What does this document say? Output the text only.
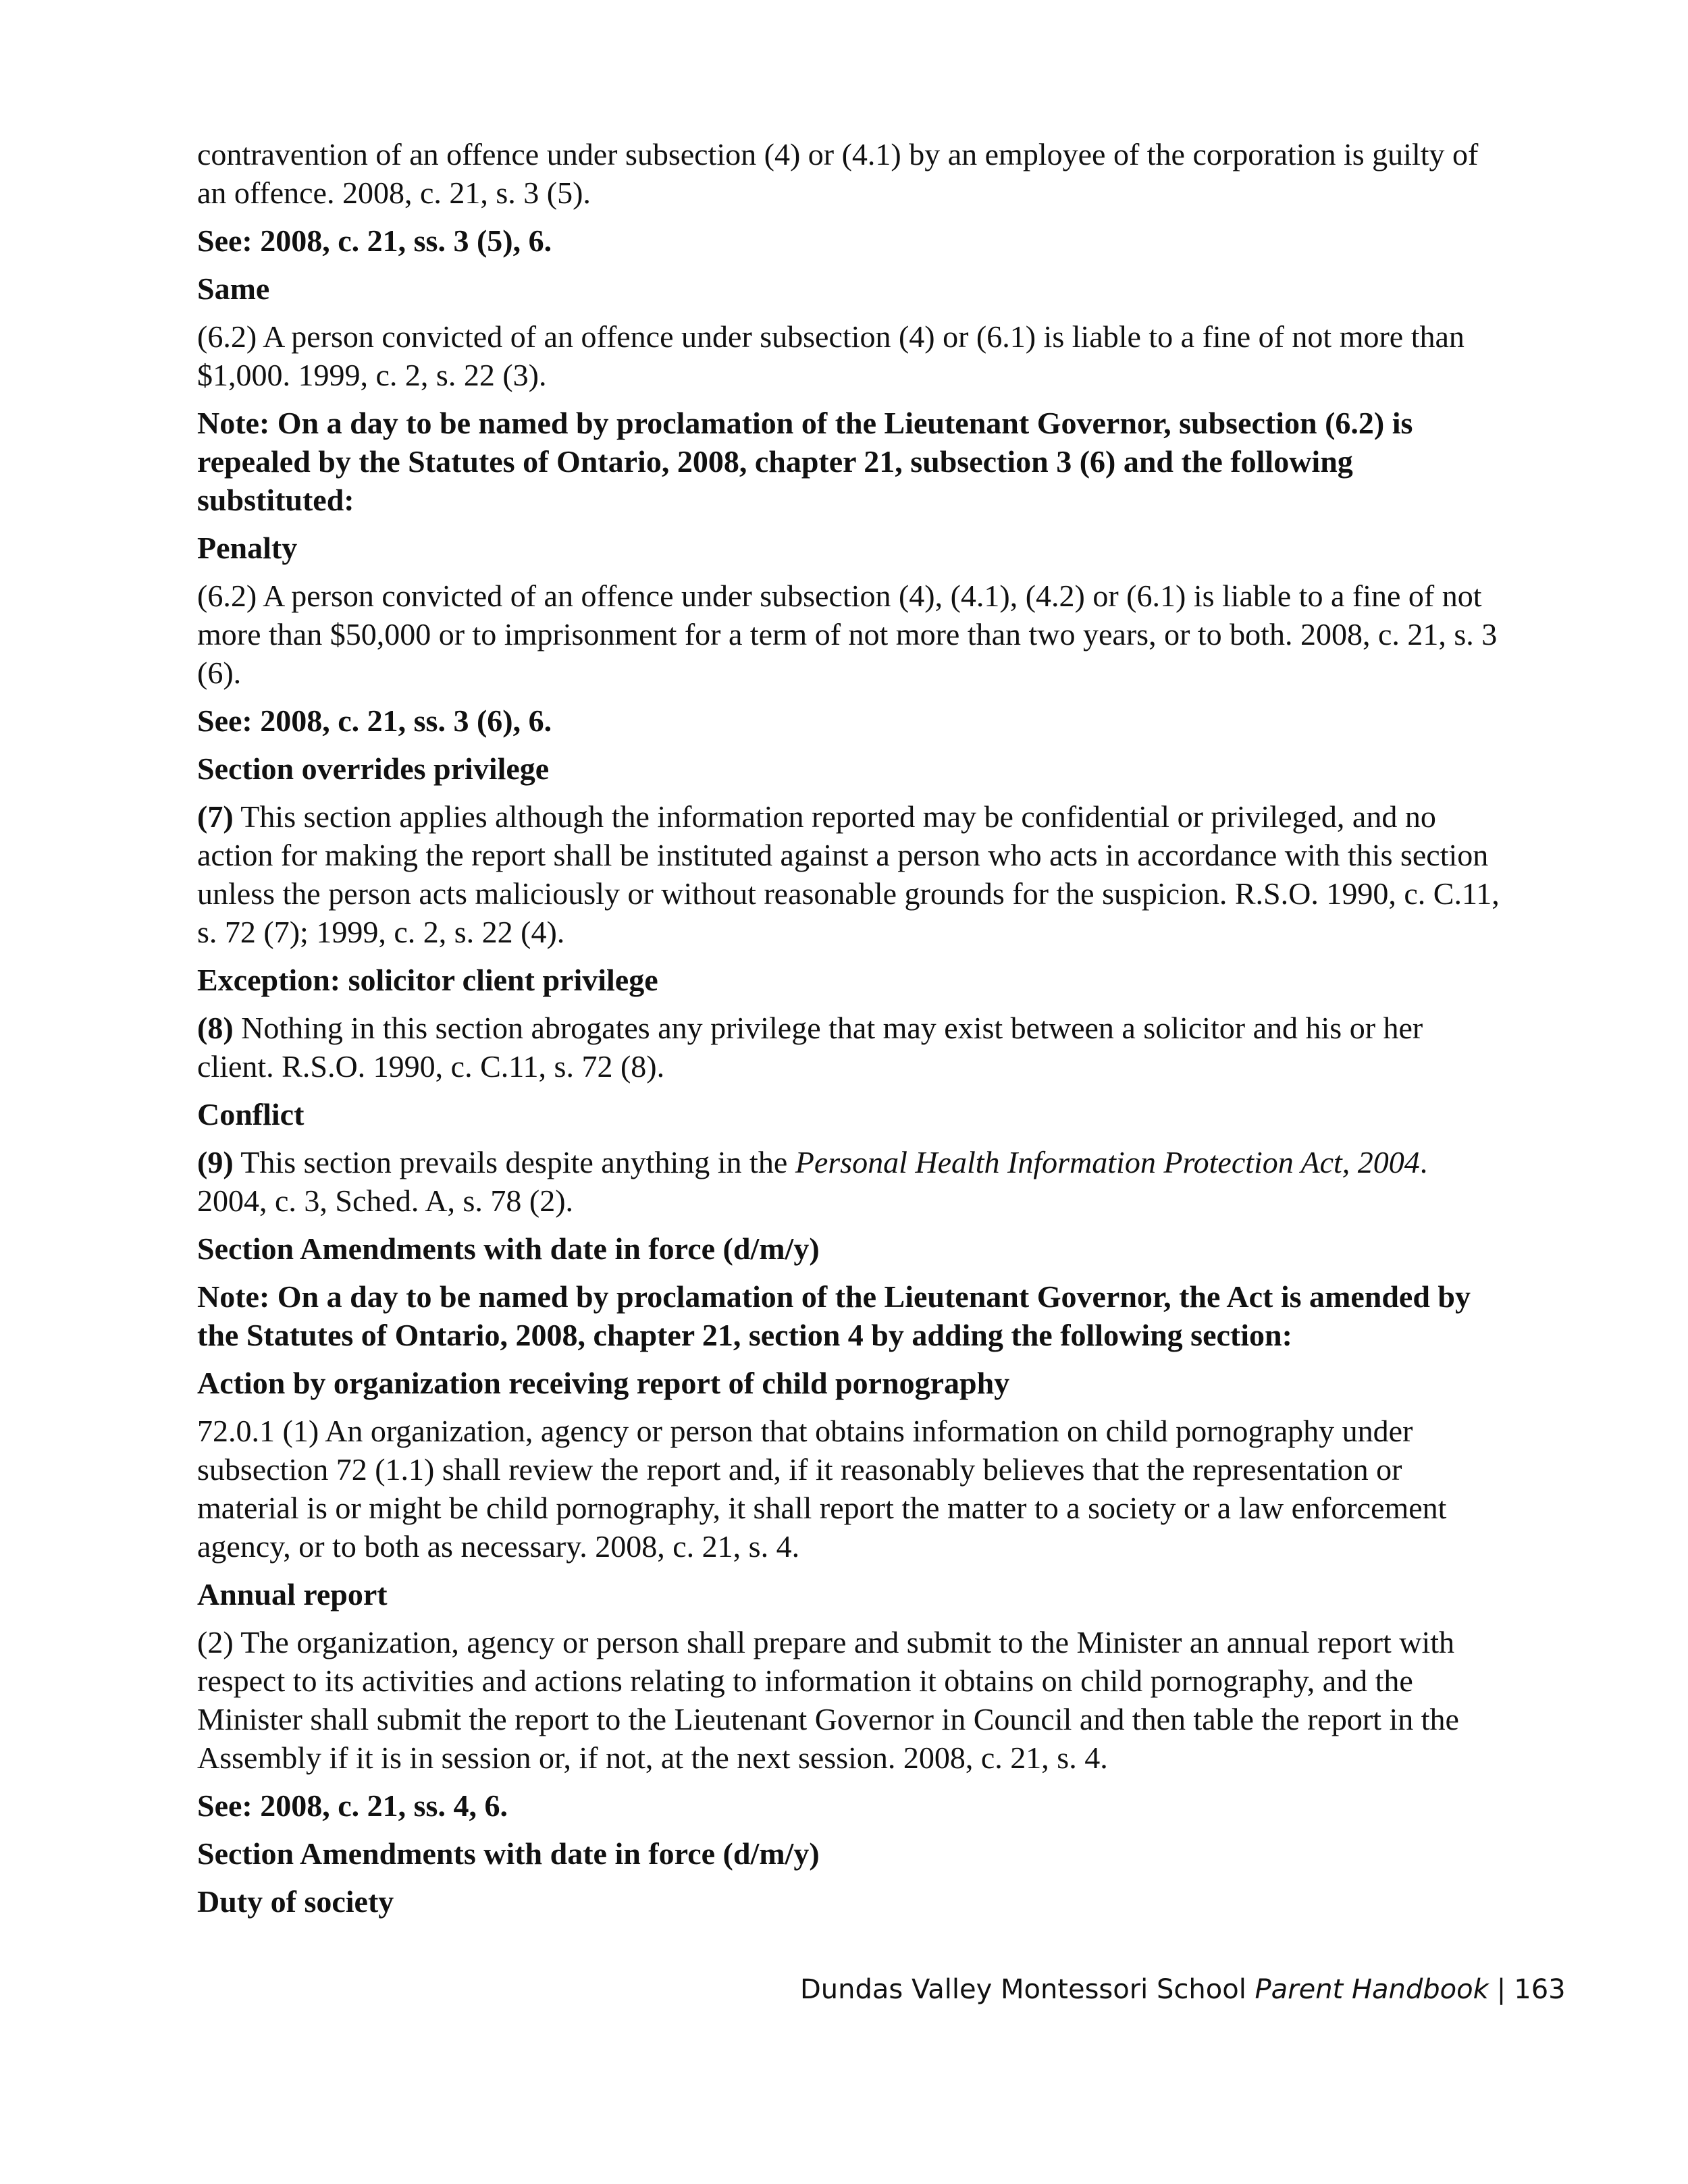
contravention of an offence under subsection (4) or (4.1) by an employee of the corporation is guilty of an offence. 2008, c. 21, s. 3 (5).

See: 2008, c. 21, ss. 3 (5), 6.

Same

(6.2) A person convicted of an offence under subsection (4) or (6.1) is liable to a fine of not more than $1,000. 1999, c. 2, s. 22 (3).

Note: On a day to be named by proclamation of the Lieutenant Governor, subsection (6.2) is repealed by the Statutes of Ontario, 2008, chapter 21, subsection 3 (6) and the following substituted:

Penalty

(6.2) A person convicted of an offence under subsection (4), (4.1), (4.2) or (6.1) is liable to a fine of not more than $50,000 or to imprisonment for a term of not more than two years, or to both. 2008, c. 21, s. 3 (6).

See: 2008, c. 21, ss. 3 (6), 6.

Section overrides privilege

(7) This section applies although the information reported may be confidential or privileged, and no action for making the report shall be instituted against a person who acts in accordance with this section unless the person acts maliciously or without reasonable grounds for the suspicion. R.S.O. 1990, c. C.11, s. 72 (7); 1999, c. 2, s. 22 (4).

Exception: solicitor client privilege

(8) Nothing in this section abrogates any privilege that may exist between a solicitor and his or her client. R.S.O. 1990, c. C.11, s. 72 (8).

Conflict

(9) This section prevails despite anything in the Personal Health Information Protection Act, 2004. 2004, c. 3, Sched. A, s. 78 (2).

Section Amendments with date in force (d/m/y)

Note: On a day to be named by proclamation of the Lieutenant Governor, the Act is amended by the Statutes of Ontario, 2008, chapter 21, section 4 by adding the following section:

Action by organization receiving report of child pornography

72.0.1 (1) An organization, agency or person that obtains information on child pornography under subsection 72 (1.1) shall review the report and, if it reasonably believes that the representation or material is or might be child pornography, it shall report the matter to a society or a law enforcement agency, or to both as necessary. 2008, c. 21, s. 4.

Annual report

(2) The organization, agency or person shall prepare and submit to the Minister an annual report with respect to its activities and actions relating to information it obtains on child pornography, and the Minister shall submit the report to the Lieutenant Governor in Council and then table the report in the Assembly if it is in session or, if not, at the next session. 2008, c. 21, s. 4.

See: 2008, c. 21, ss. 4, 6.

Section Amendments with date in force (d/m/y)

Duty of society

Dundas Valley Montessori School Parent Handbook | 163
